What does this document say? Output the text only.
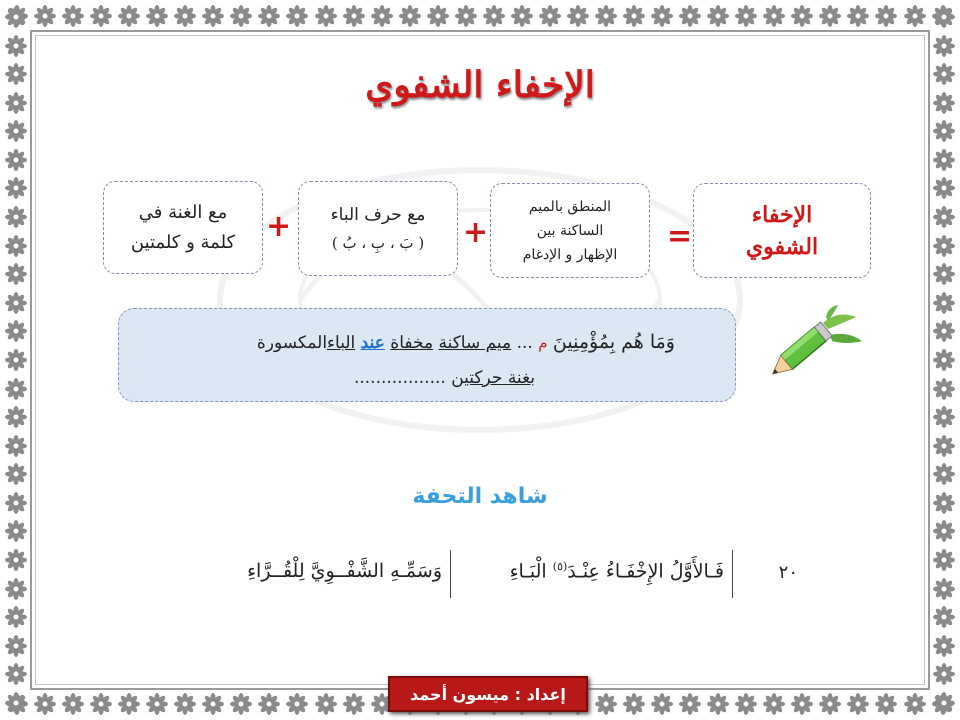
الإخفاء الشفوي
الإخفاء
الشفوي
=
المنطق بالميم
الساكنة بين
الإظهار و الإدغام
+
مع حرف الباء
( بَ ، بِ ، بُ )
+
مع الغنة في
كلمة و كلمتين
وَمَا هُم بِمُؤْمِنِينَ م ... ميم ساكنة مخفاة عند الباءالمكسورة
بغنة حركتين .................
شاهد التحفة
٢٠
فَـالأَوَّلُ الإِخْفَـاءُ عِنْـدَ$^{(٥)}$ الْبَـاءِ
وَسَمِّـهِ الشَّفْــوِيَّ لِلْقُــرَّاءِ
إعداد : ميسون أحمد
